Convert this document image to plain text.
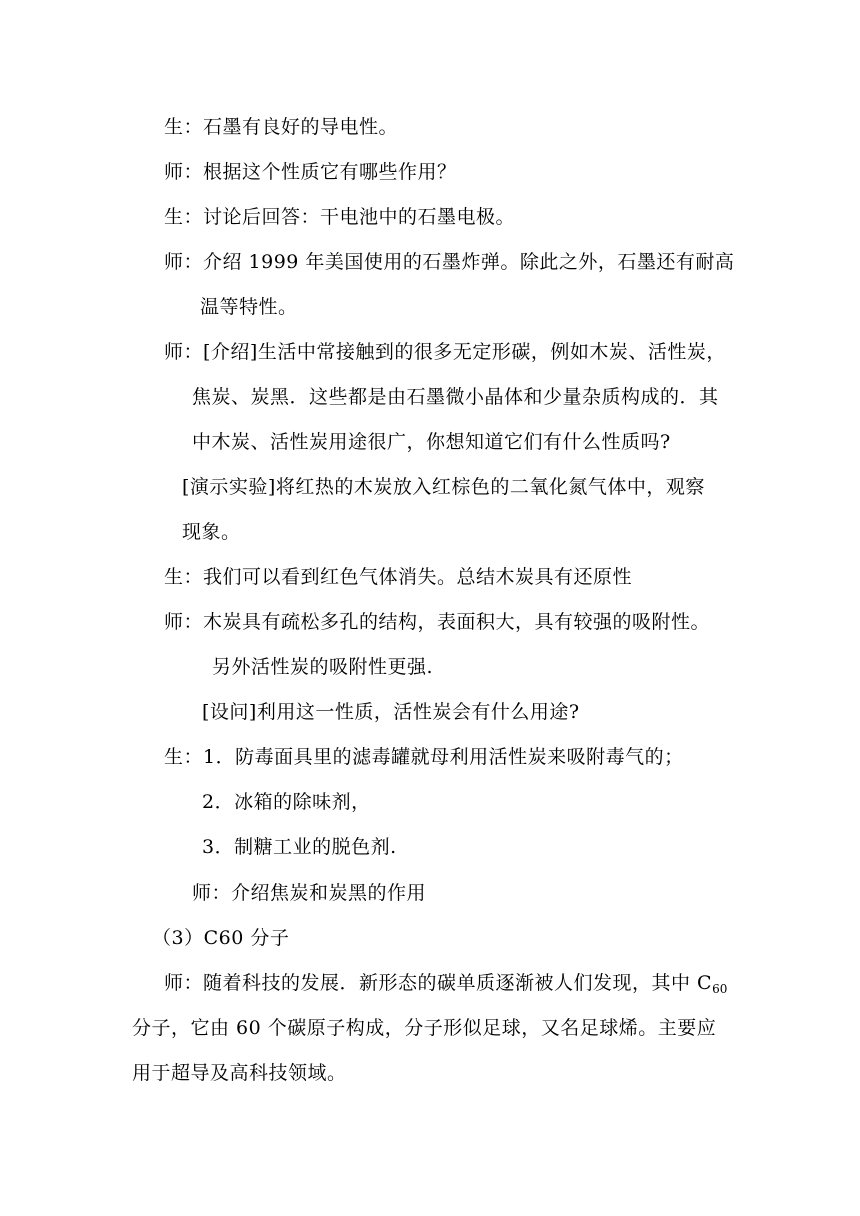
生：石墨有良好的导电性。
师：根据这个性质它有哪些作用？
生：讨论后回答：干电池中的石墨电极。
师：介绍 1999 年美国使用的石墨炸弹。除此之外，石墨还有耐高
温等特性。
师：[介绍]生活中常接触到的很多无定形碳，例如木炭、活性炭，
焦炭、炭黑．这些都是由石墨微小晶体和少量杂质构成的．其
中木炭、活性炭用途很广，你想知道它们有什么性质吗?
[演示实验]将红热的木炭放入红棕色的二氧化氮气体中，观察
现象。
生：我们可以看到红色气体消失。总结木炭具有还原性
师：木炭具有疏松多孔的结构，表面积大，具有较强的吸附性。
另外活性炭的吸附性更强.
[设问]利用这一性质，活性炭会有什么用途?
生：1．防毒面具里的滤毒罐就母利用活性炭来吸附毒气的；
2．冰箱的除味剂，
3．制糖工业的脱色剂.
师：介绍焦炭和炭黑的作用
（3）C60 分子
师：随着科技的发展．新形态的碳单质逐渐被人们发现，其中 $C_{60}$
分子，它由 60 个碳原子构成，分子形似足球，又名足球烯。主要应
用于超导及高科技领域。
